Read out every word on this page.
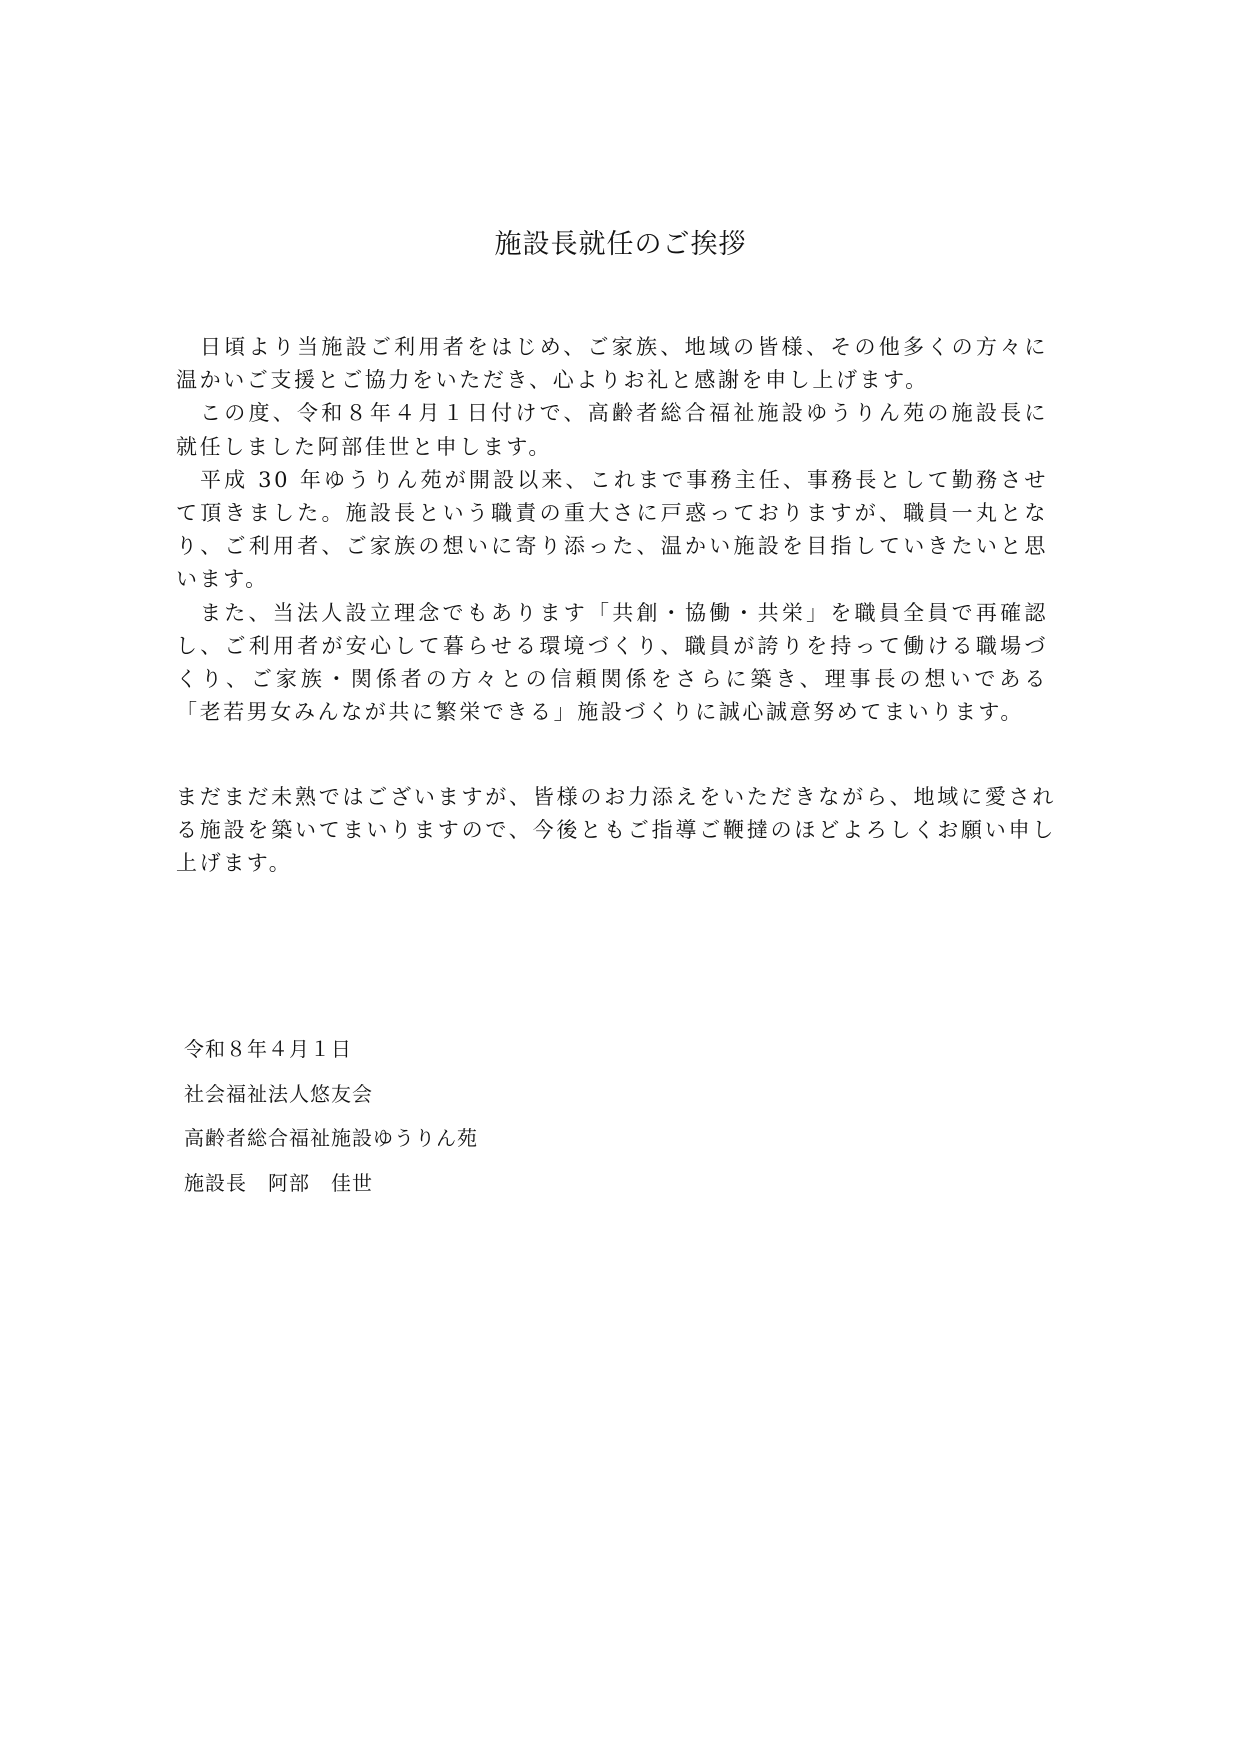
施設長就任のご挨拶

日頃より当施設ご利用者をはじめ、ご家族、地域の皆様、その他多くの方々に温かいご支援とご協力をいただき、心よりお礼と感謝を申し上げます。

この度、令和８年４月１日付けで、高齢者総合福祉施設ゆうりん苑の施設長に就任しました阿部佳世と申します。

平成 30 年ゆうりん苑が開設以来、これまで事務主任、事務長として勤務させて頂きました。施設長という職責の重大さに戸惑っておりますが、職員一丸となり、ご利用者、ご家族の想いに寄り添った、温かい施設を目指していきたいと思います。

また、当法人設立理念でもあります「共創・協働・共栄」を職員全員で再確認し、ご利用者が安心して暮らせる環境づくり、職員が誇りを持って働ける職場づくり、ご家族・関係者の方々との信頼関係をさらに築き、理事長の想いである「老若男女みんなが共に繁栄できる」施設づくりに誠心誠意努めてまいります。

まだまだ未熟ではございますが、皆様のお力添えをいただきながら、地域に愛される施設を築いてまいりますので、今後ともご指導ご鞭撻のほどよろしくお願い申し上げます。

令和８年４月１日
社会福祉法人悠友会
高齢者総合福祉施設ゆうりん苑
施設長　阿部　佳世
